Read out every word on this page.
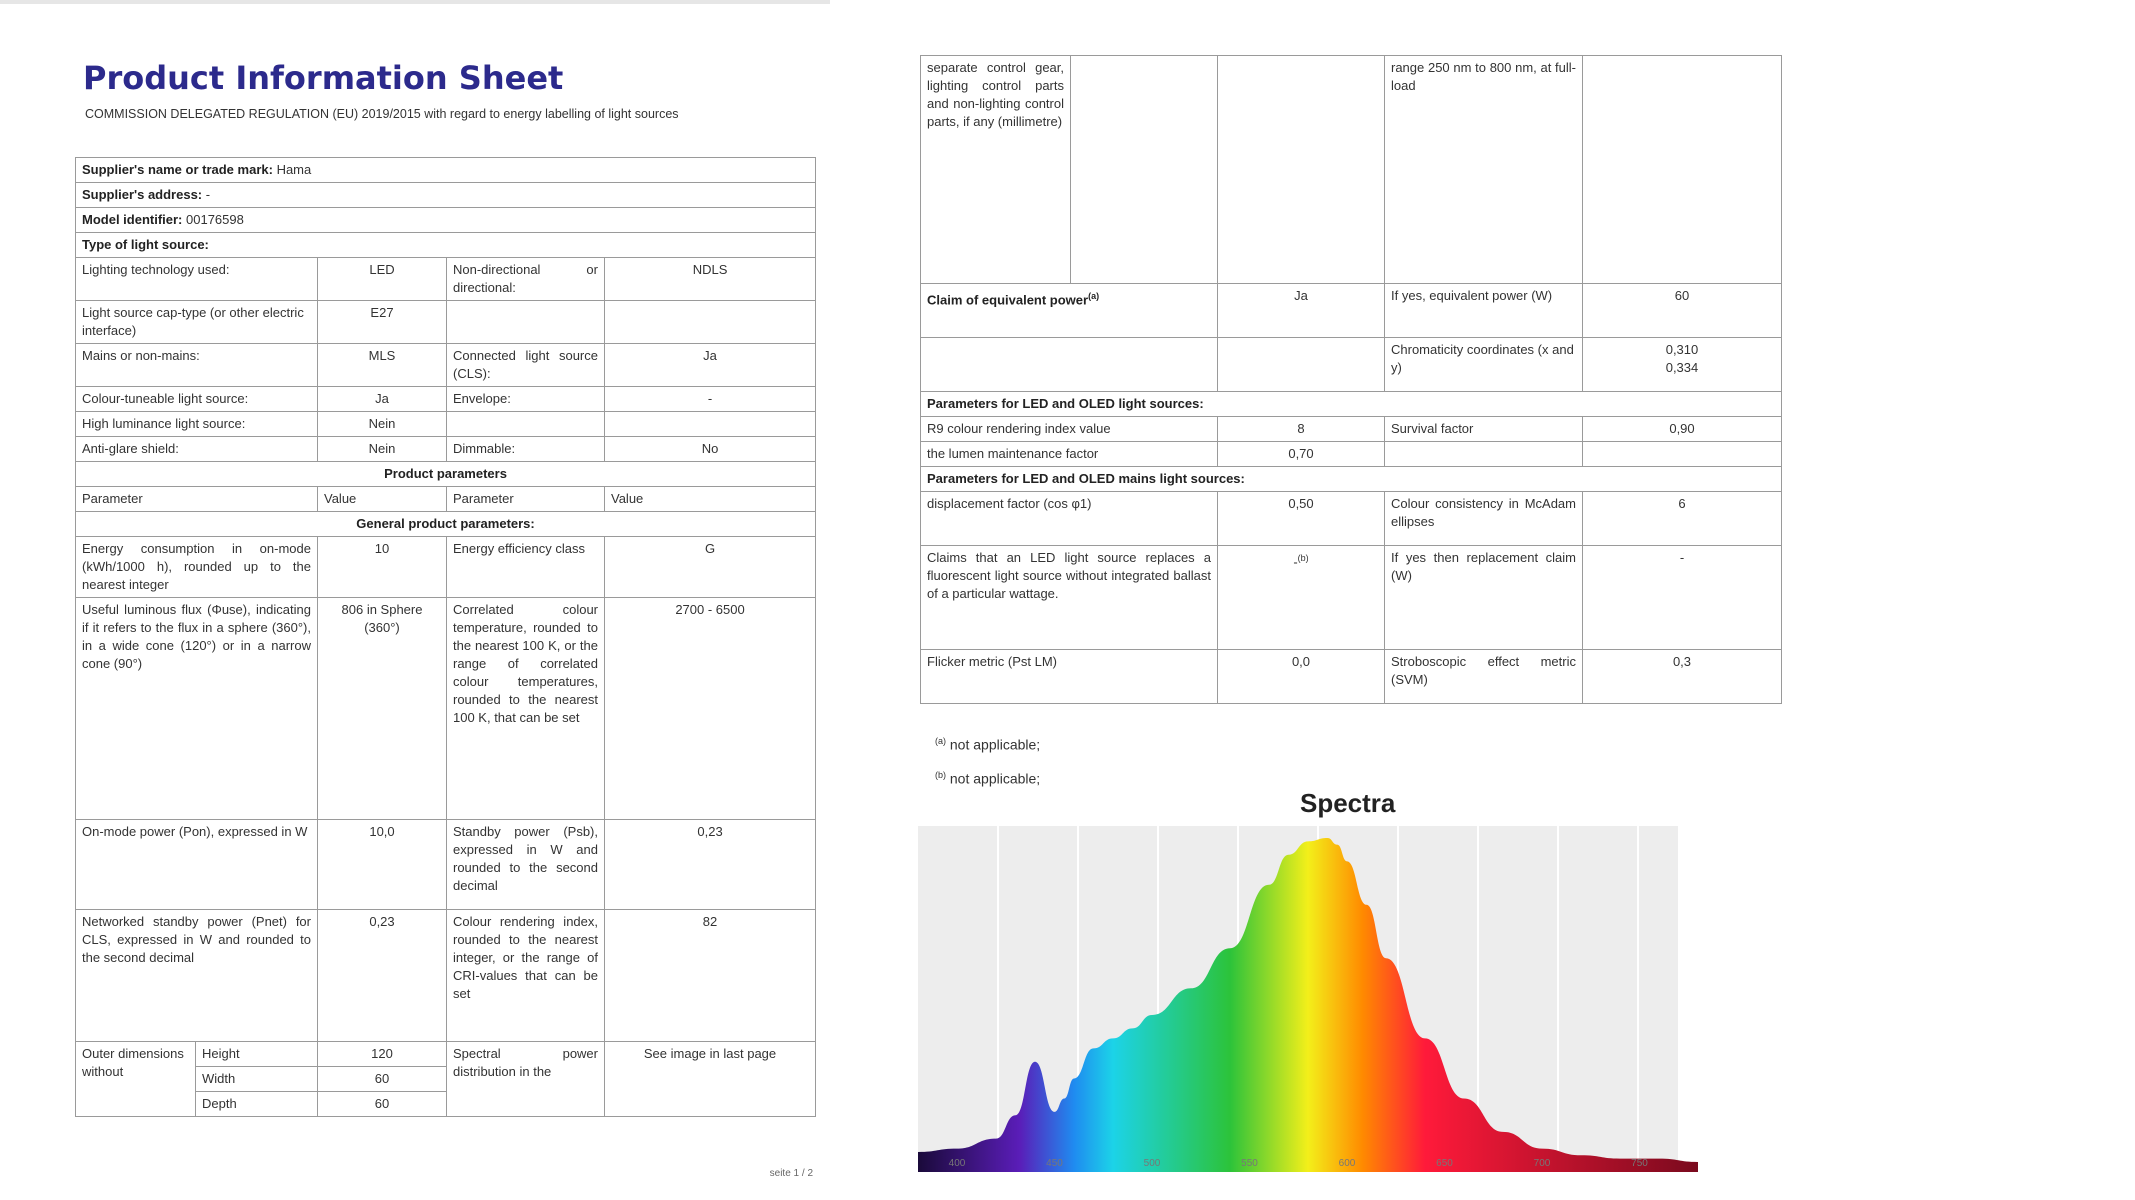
Product Information Sheet
COMMISSION DELEGATED REGULATION (EU) 2019/2015 with regard to energy labelling of light sources
Supplier's name or trade mark: Hama				
Supplier's address: -				
Model identifier: 00176598				
Type of light source:				
Lighting technology used:		LED	Non-directional or directional:	NDLS
Light source cap-type (or other electric interface)		E27		
Mains or non-mains:		MLS	Connected light source (CLS):	Ja
Colour-tuneable light source:		Ja	Envelope:	-
High luminance light source:		Nein		
Anti-glare shield:		Nein	Dimmable:	No
Product parameters				
Parameter		Value	Parameter	Value
General product parameters:				
Energy consumption in on-mode (kWh/1000 h), rounded up to the nearest integer		10	Energy efficiency class	G
Useful luminous flux (Φuse), indicating if it refers to the flux in a sphere (360°), in a wide cone (120°) or in a narrow cone (90°)		806 in Sphere (360°)	Correlated colour temperature, rounded to the nearest 100 K, or the range of correlated colour temperatures, rounded to the nearest 100 K, that can be set	2700 - 6500
On-mode power (Pon), expressed in W		10,0	Standby power (Psb), expressed in W and rounded to the second decimal	0,23
Networked standby power (Pnet) for CLS, expressed in W and rounded to the second decimal		0,23	Colour rendering index, rounded to the nearest integer, or the range of CRI-values that can be set	82
Outer dimensions without	Height	120	Spectral power distribution in the	See image in last page
	Width	60		
	Depth	60		
seite 1 / 2
separate control gear, lighting control parts and non-lighting control parts, if any (millimetre)			range 250 nm to 800 nm, at full-load	
Claim of equivalent power$^{(a)}$		Ja	If yes, equivalent power (W)	60
			Chromaticity coordinates (x and y)	0,310
0,334

Parameters for LED and OLED light sources:				
R9 colour rendering index value		8	Survival factor	0,90
the lumen maintenance factor		0,70		
Parameters for LED and OLED mains light sources:				
displacement factor (cos φ1)		0,50	Colour consistency in McAdam ellipses	6
Claims that an LED light source replaces a fluorescent light source without integrated ballast of a particular wattage.		-$^{(b)}$	If yes then replacement claim (W)	-
Flicker metric (Pst LM)		0,0	Stroboscopic effect metric (SVM)	0,3
$^{(a)}$ not applicable;
$^{(b)}$ not applicable;
Spectra
400	450	500	550	600	650	700	750
